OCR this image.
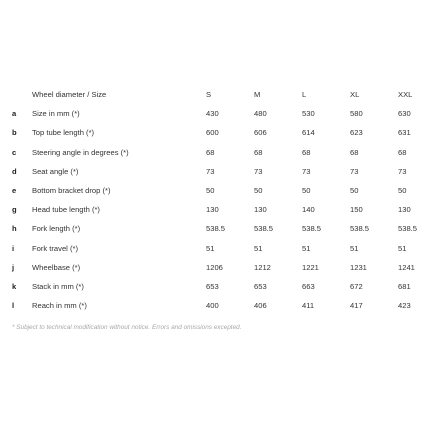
Wheel diameter / Size	S	M	L	XL	XXL
a Size in mm (*)	430	480	530	580	630
b Top tube length (*)	600	606	614	623	631
c Steering angle in degrees (*)	68	68	68	68	68
d Seat angle (*)	73	73	73	73	73
e Bottom bracket drop (*)	50	50	50	50	50
g Head tube length (*)	130	130	140	150	130
h Fork length (*)	538.5	538.5	538.5	538.5	538.5
i Fork travel (*)	51	51	51	51	51
j Wheelbase (*)	1206	1212	1221	1231	1241
k Stack in mm (*)	653	653	663	672	681
l Reach in mm (*)	400	406	411	417	423
* Subject to technical modification without notice. Errors and omissions excepted.
